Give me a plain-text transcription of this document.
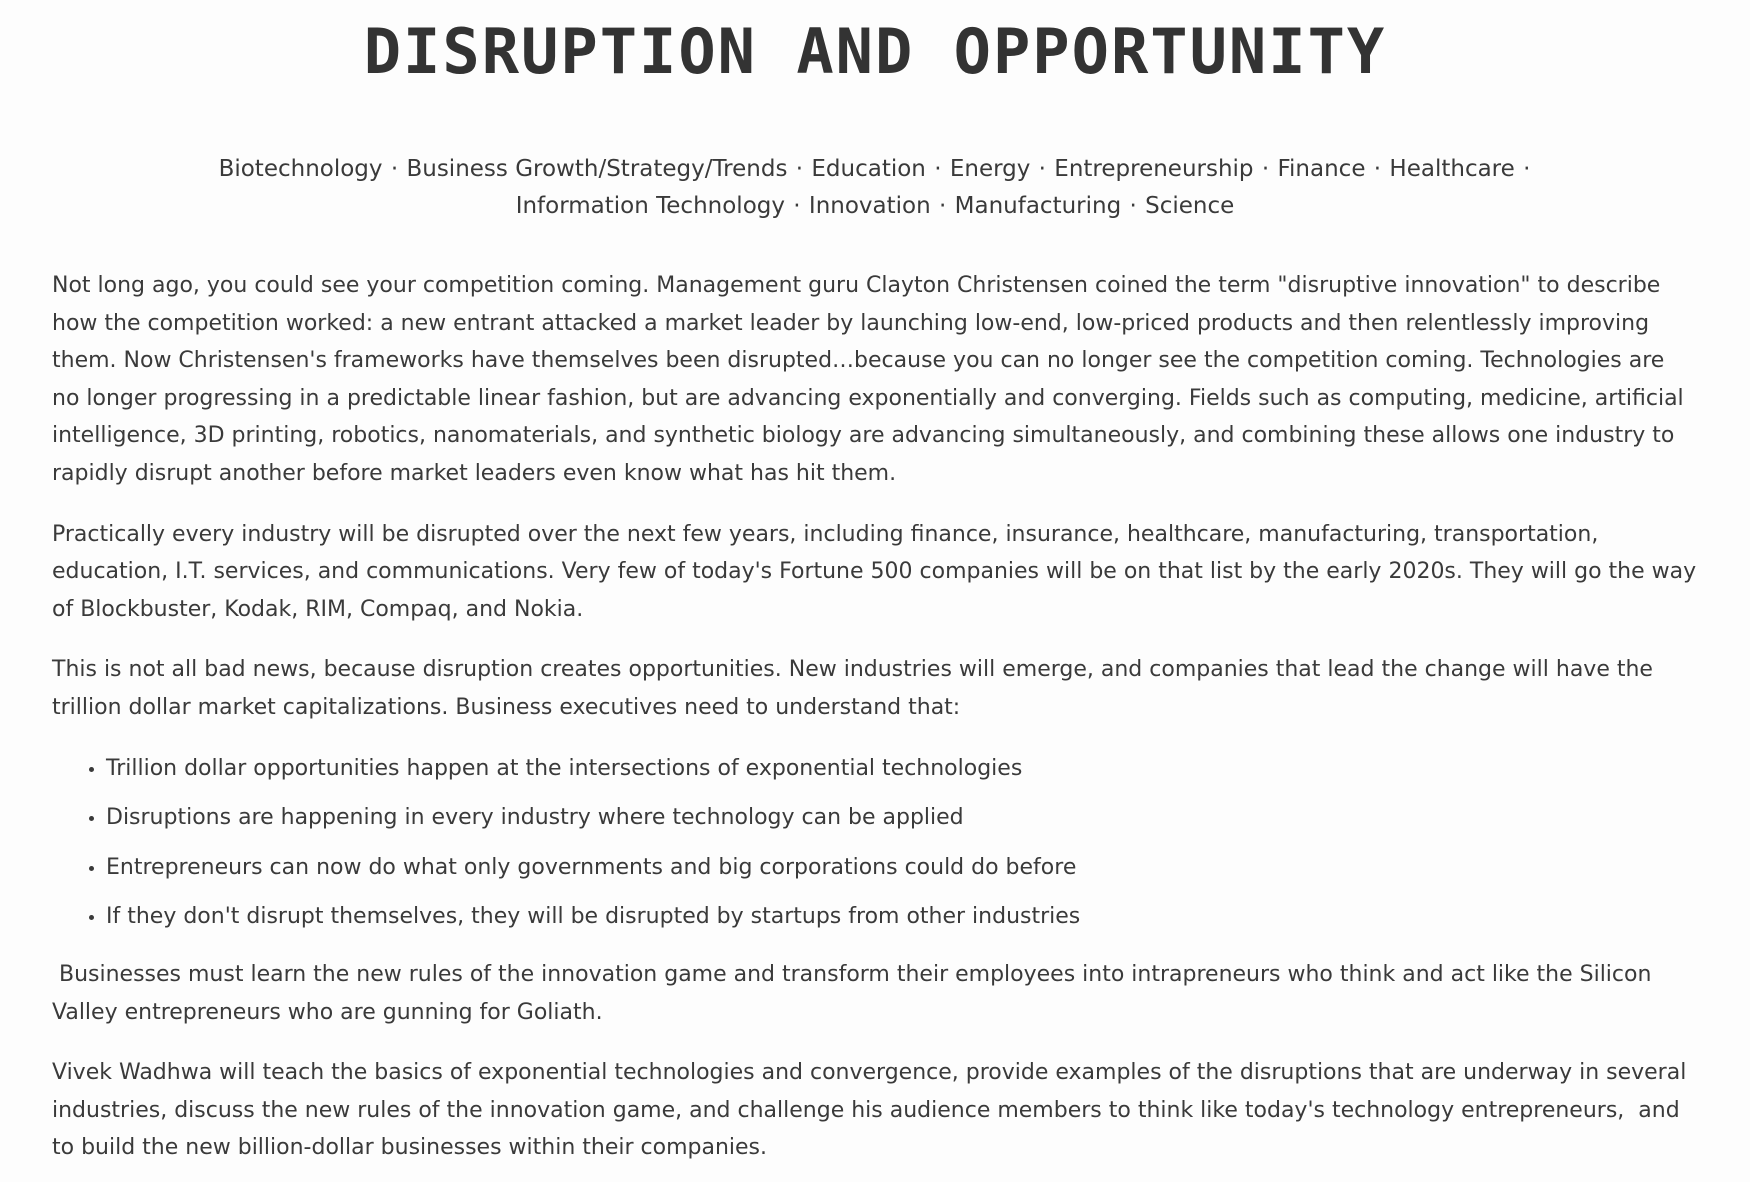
DISRUPTION AND OPPORTUNITY
Biotechnology · Business Growth/Strategy/Trends · Education · Energy · Entrepreneurship · Finance · Healthcare · Information Technology · Innovation · Manufacturing · Science

Not long ago, you could see your competition coming. Management guru Clayton Christensen coined the term "disruptive innovation" to describe how the competition worked: a new entrant attacked a market leader by launching low-end, low-priced products and then relentlessly improving them. Now Christensen's frameworks have themselves been disrupted…because you can no longer see the competition coming. Technologies are no longer progressing in a predictable linear fashion, but are advancing exponentially and converging. Fields such as computing, medicine, artificial intelligence, 3D printing, robotics, nanomaterials, and synthetic biology are advancing simultaneously, and combining these allows one industry to rapidly disrupt another before market leaders even know what has hit them.

Practically every industry will be disrupted over the next few years, including finance, insurance, healthcare, manufacturing, transportation, education, I.T. services, and communications. Very few of today's Fortune 500 companies will be on that list by the early 2020s. They will go the way of Blockbuster, Kodak, RIM, Compaq, and Nokia.

This is not all bad news, because disruption creates opportunities. New industries will emerge, and companies that lead the change will have the trillion dollar market capitalizations. Business executives need to understand that:

• Trillion dollar opportunities happen at the intersections of exponential technologies
• Disruptions are happening in every industry where technology can be applied
• Entrepreneurs can now do what only governments and big corporations could do before
• If they don't disrupt themselves, they will be disrupted by startups from other industries

Businesses must learn the new rules of the innovation game and transform their employees into intrapreneurs who think and act like the Silicon Valley entrepreneurs who are gunning for Goliath.

Vivek Wadhwa will teach the basics of exponential technologies and convergence, provide examples of the disruptions that are underway in several industries, discuss the new rules of the innovation game, and challenge his audience members to think like today's technology entrepreneurs,  and to build the new billion-dollar businesses within their companies.
